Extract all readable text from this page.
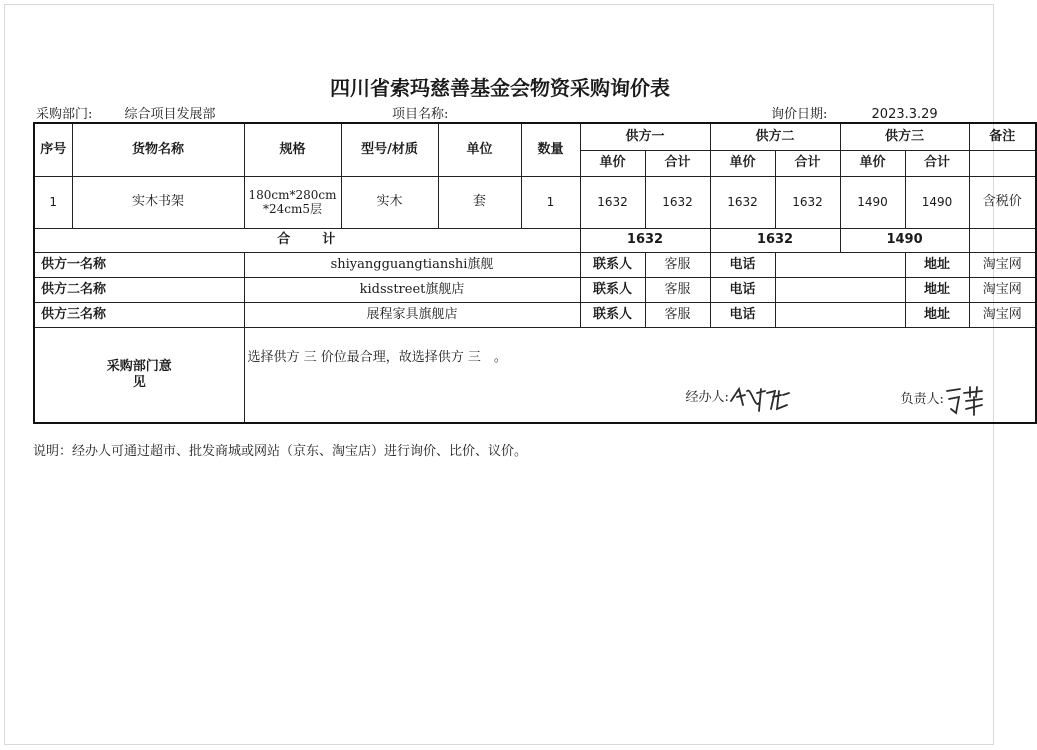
四川省索玛慈善基金会物资采购询价表
采购部门: 综合项目发展部	项目名称:	询价日期:	2023.3.29
序号	货物名称	规格	型号/材质	单位	数量	供方一		供方二		供方三		备注
						单价	合计	单价	合计	单价	合计	
1	实木书架	180cm*280cm*24cm5层	实木	套	1	1632	1632	1632	1632	1490	1490	含税价
合　　计						1632		1632		1490		
供方一名称		shiyangguangtianshi旗舰				联系人	客服	电话			地址	淘宝网
供方二名称		kidsstreet旗舰店				联系人	客服	电话			地址	淘宝网
供方三名称		展程家具旗舰店				联系人	客服	电话			地址	淘宝网

采购部门意见		选择供方 三 价位最合理，故选择供方 三　。
经办人: 负责人:										
说明：经办人可通过超市、批发商城或网站（京东、淘宝店）进行询价、比价、议价。
